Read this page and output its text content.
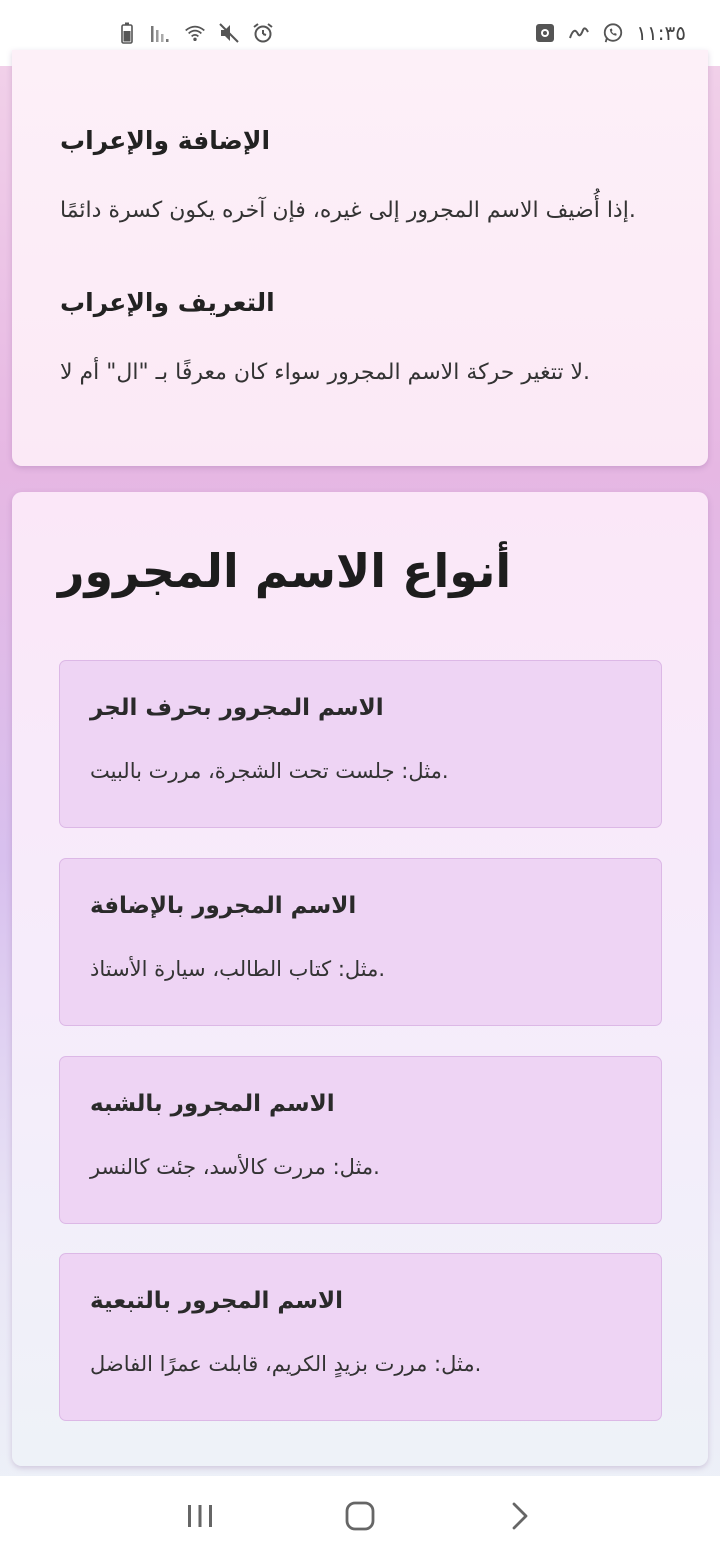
١١:٣٥
الإضافة والإعراب
.إذا أُضيف الاسم المجرور إلى غيره، فإن آخره يكون كسرة دائمًا
التعريف والإعراب
.لا تتغير حركة الاسم المجرور سواء كان معرفًا بـ "ال" أم لا
أنواع الاسم المجرور
الاسم المجرور بحرف الجر
.مثل: جلست تحت الشجرة، مررت بالبيت
الاسم المجرور بالإضافة
.مثل: كتاب الطالب، سيارة الأستاذ
الاسم المجرور بالشبه
.مثل: مررت كالأسد، جئت كالنسر
الاسم المجرور بالتبعية
.مثل: مررت بزيدٍ الكريم، قابلت عمرًا الفاضل
